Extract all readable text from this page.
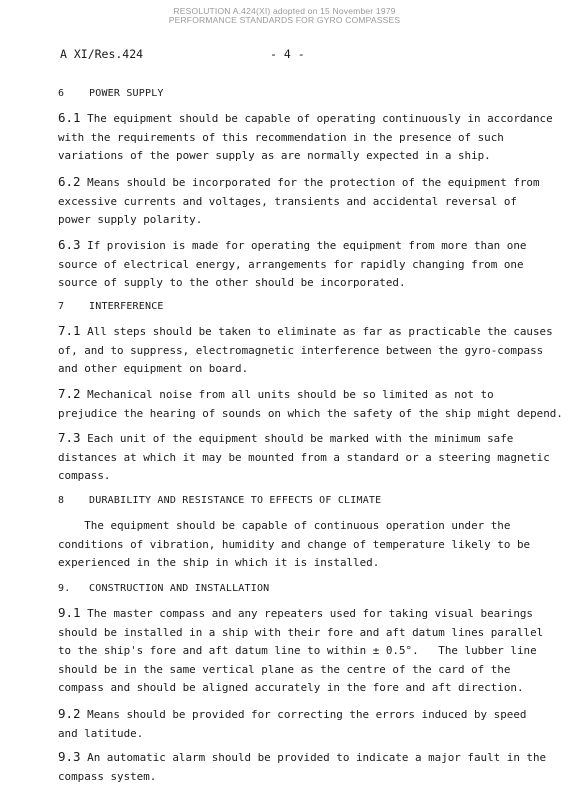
RESOLUTION A.424(XI) adopted on 15 November 1979
PERFORMANCE STANDARDS FOR GYRO COMPASSES
A XI/Res.424	- 4 -
6 POWER SUPPLY
6.1 The equipment should be capable of operating continuously in accordance
with the requirements of this recommendation in the presence of such
variations of the power supply as are normally expected in a ship.
6.2 Means should be incorporated for the protection of the equipment from
excessive currents and voltages, transients and accidental reversal of
power supply polarity.
6.3 If provision is made for operating the equipment from more than one
source of electrical energy, arrangements for rapidly changing from one
source of supply to the other should be incorporated.
7 INTERFERENCE
7.1 All steps should be taken to eliminate as far as practicable the causes
of, and to suppress, electromagnetic interference between the gyro-compass
and other equipment on board.
7.2 Mechanical noise from all units should be so limited as not to
prejudice the hearing of sounds on which the safety of the ship might depend.
7.3 Each unit of the equipment should be marked with the minimum safe
distances at which it may be mounted from a standard or a steering magnetic
compass.
8 DURABILITY AND RESISTANCE TO EFFECTS OF CLIMATE
The equipment should be capable of continuous operation under the
conditions of vibration, humidity and change of temperature likely to be
experienced in the ship in which it is installed.
9. CONSTRUCTION AND INSTALLATION
9.1 The master compass and any repeaters used for taking visual bearings
should be installed in a ship with their fore and aft datum lines parallel
to the ship's fore and aft datum line to within ± 0.5°.   The lubber line
should be in the same vertical plane as the centre of the card of the
compass and should be aligned accurately in the fore and aft direction.
9.2 Means should be provided for correcting the errors induced by speed
and latitude.
9.3 An automatic alarm should be provided to indicate a major fault in the
compass system.
